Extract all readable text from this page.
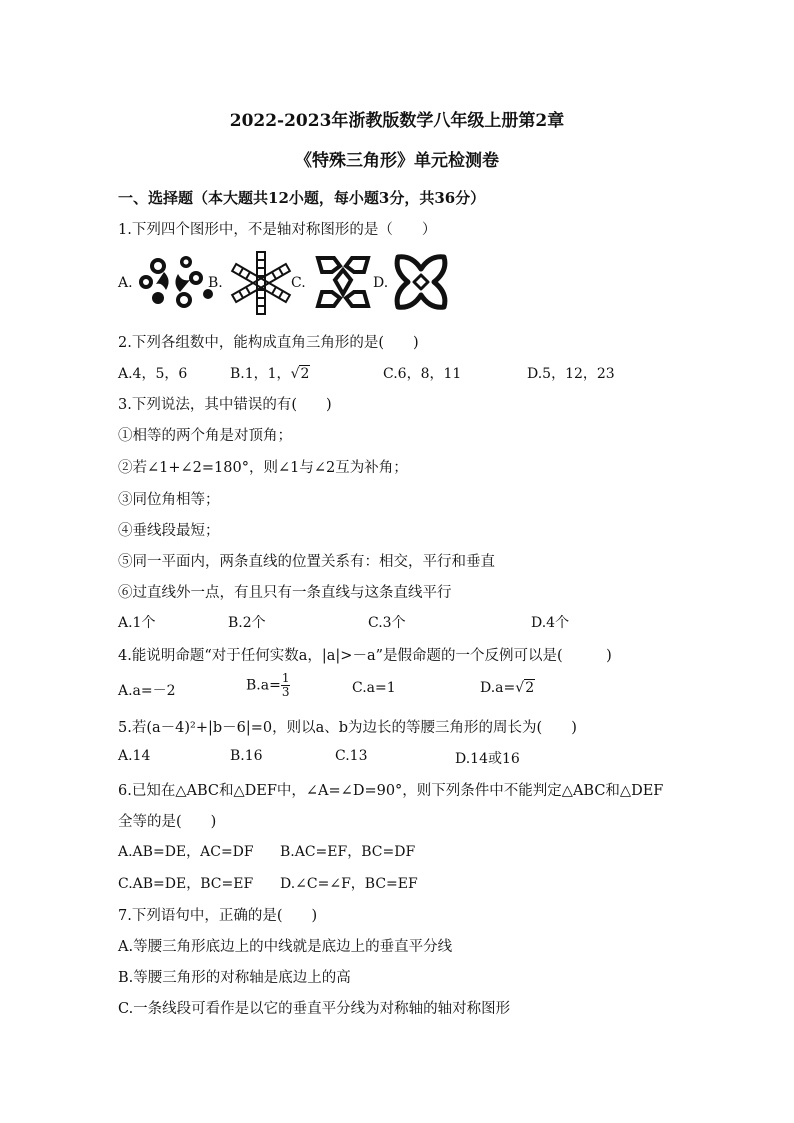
2022-2023年浙教版数学八年级上册第2章
《特殊三角形》单元检测卷
一、选择题（本大题共12小题，每小题3分，共36分）
1.下列四个图形中，不是轴对称图形的是（　　）
A.	B.	C.	D.
2.下列各组数中，能构成直角三角形的是(　　)
A.4，5，6	B.1，1，√2	C.6，8，11	D.5，12，23
3.下列说法，其中错误的有(　　)
①相等的两个角是对顶角；
②若∠1+∠2=180°，则∠1与∠2互为补角；
③同位角相等；
④垂线段最短；
⑤同一平面内，两条直线的位置关系有：相交，平行和垂直
⑥过直线外一点，有且只有一条直线与这条直线平行
A.1个	B.2个	C.3个	D.4个
4.能说明命题“对于任何实数a，|a|>－a”是假命题的一个反例可以是(　　　)
A.a=－2	$B.a= \frac{1}{3}$	C.a=1	D.a=√2
5.若(a－4)²+|b－6|=0，则以a、b为边长的等腰三角形的周长为(　　)
A.14	B.16	C.13	D.14或16
6.已知在△ABC和△DEF中，∠A=∠D=90°，则下列条件中不能判定△ABC和△DEF
全等的是(　　)
A.AB=DE，AC=DF B.AC=EF，BC=DF
C.AB=DE，BC=EF D.∠C=∠F，BC=EF
7.下列语句中，正确的是(　　)
A.等腰三角形底边上的中线就是底边上的垂直平分线
B.等腰三角形的对称轴是底边上的高
C.一条线段可看作是以它的垂直平分线为对称轴的轴对称图形
